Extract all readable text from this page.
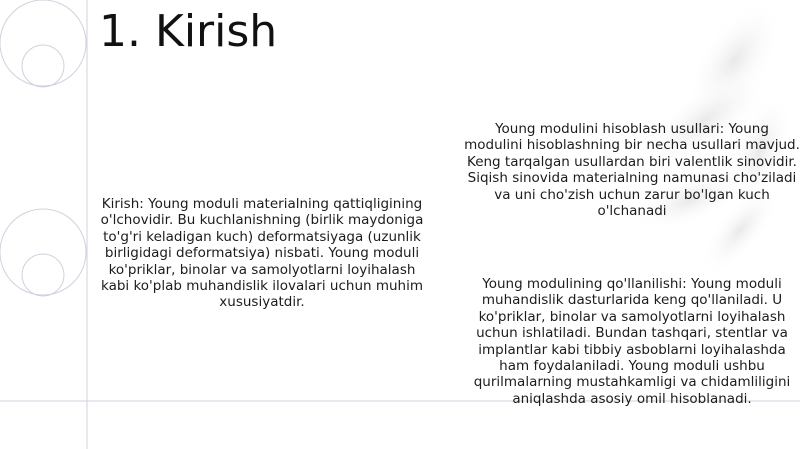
1. Kirish

Kirish: Young moduli materialning qattiqligining o'lchovidir. Bu kuchlanishning (birlik maydoniga to'g'ri keladigan kuch) deformatsiyaga (uzunlik birligidagi deformatsiya) nisbati. Young moduli ko'priklar, binolar va samolyotlarni loyihalash kabi ko'plab muhandislik ilovalari uchun muhim xususiyatdir.

Young modulini hisoblash usullari: Young modulini hisoblashning bir necha usullari mavjud. Keng tarqalgan usullardan biri valentlik sinovidir. Siqish sinovida materialning namunasi cho'ziladi va uni cho'zish uchun zarur bo'lgan kuch o'lchanadi

Young modulining qo'llanilishi: Young moduli muhandislik dasturlarida keng qo'llaniladi. U ko'priklar, binolar va samolyotlarni loyihalash uchun ishlatiladi. Bundan tashqari, stentlar va implantlar kabi tibbiy asboblarni loyihalashda ham foydalaniladi. Young moduli ushbu qurilmalarning mustahkamligi va chidamliligini aniqlashda asosiy omil hisoblanadi.
